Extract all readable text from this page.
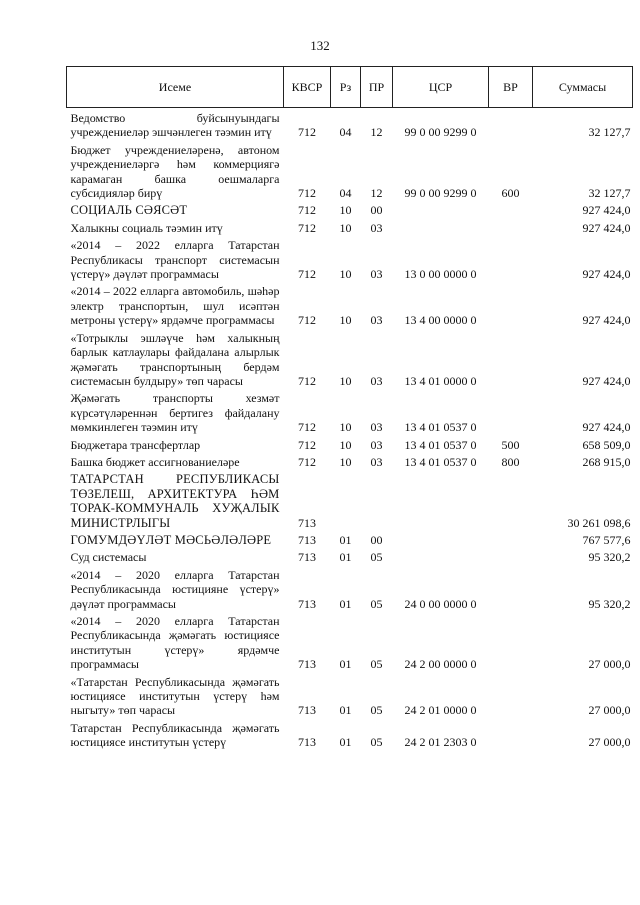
132
Исеме	КВСР	Рз	ПР	ЦСР	ВР	Суммасы
Ведомство буйсынуындагы учреждениеләр эшчәнлеген тәэмин итү	712	04	12	99 0 00 9299 0		32 127,7
Бюджет учреждениеләренә, автоном учреждениеләргә һәм коммерциягә карамаган башка оешмаларга субсидияләр бирү	712	04	12	99 0 00 9299 0	600	32 127,7
СОЦИАЛЬ СӘЯСӘТ	712	10	00			927 424,0
Халыкны социаль тәэмин итү	712	10	03			927 424,0
«2014 – 2022 елларга Татарстан Республикасы транспорт системасын үстерү» дәүләт программасы	712	10	03	13 0 00 0000 0		927 424,0
«2014 – 2022 елларга автомобиль, шәһәр электр транспортын, шул исәптән метроны үстерү» ярдәмче программасы	712	10	03	13 4 00 0000 0		927 424,0
«Тотрыклы эшләүче һәм халыкның барлык катлаулары файдалана алырлык җәмәгать транспортының бердәм системасын булдыру» төп чарасы	712	10	03	13 4 01 0000 0		927 424,0
Җәмәгать транспорты хезмәт күрсәтүләреннән бертигез файдалану мөмкинлеген тәэмин итү	712	10	03	13 4 01 0537 0		927 424,0
Бюджетара трансфертлар	712	10	03	13 4 01 0537 0	500	658 509,0
Башка бюджет ассигнованиеләре	712	10	03	13 4 01 0537 0	800	268 915,0
ТАТАРСТАН РЕСПУБЛИКАСЫ ТӨЗЕЛЕШ, АРХИТЕКТУРА ҺӘМ ТОРАК-КОММУНАЛЬ ХУҖАЛЫК МИНИСТРЛЫГЫ	713					30 261 098,6
ГОМУМДӘҮЛӘТ МӘСЬӘЛӘЛӘРЕ	713	01	00			767 577,6
Суд системасы	713	01	05			95 320,2
«2014 – 2020 елларга Татарстан Республикасында юстицияне үстерү» дәүләт программасы	713	01	05	24 0 00 0000 0		95 320,2
«2014 – 2020 елларга Татарстан Республикасында җәмәгать юстициясе институтын үстерү» ярдәмче программасы	713	01	05	24 2 00 0000 0		27 000,0
«Татарстан Республикасында җәмәгать юстициясе институтын үстерү һәм ныгыту» төп чарасы	713	01	05	24 2 01 0000 0		27 000,0
Татарстан Республикасында җәмәгать юстициясе институтын үстерү	713	01	05	24 2 01 2303 0		27 000,0
